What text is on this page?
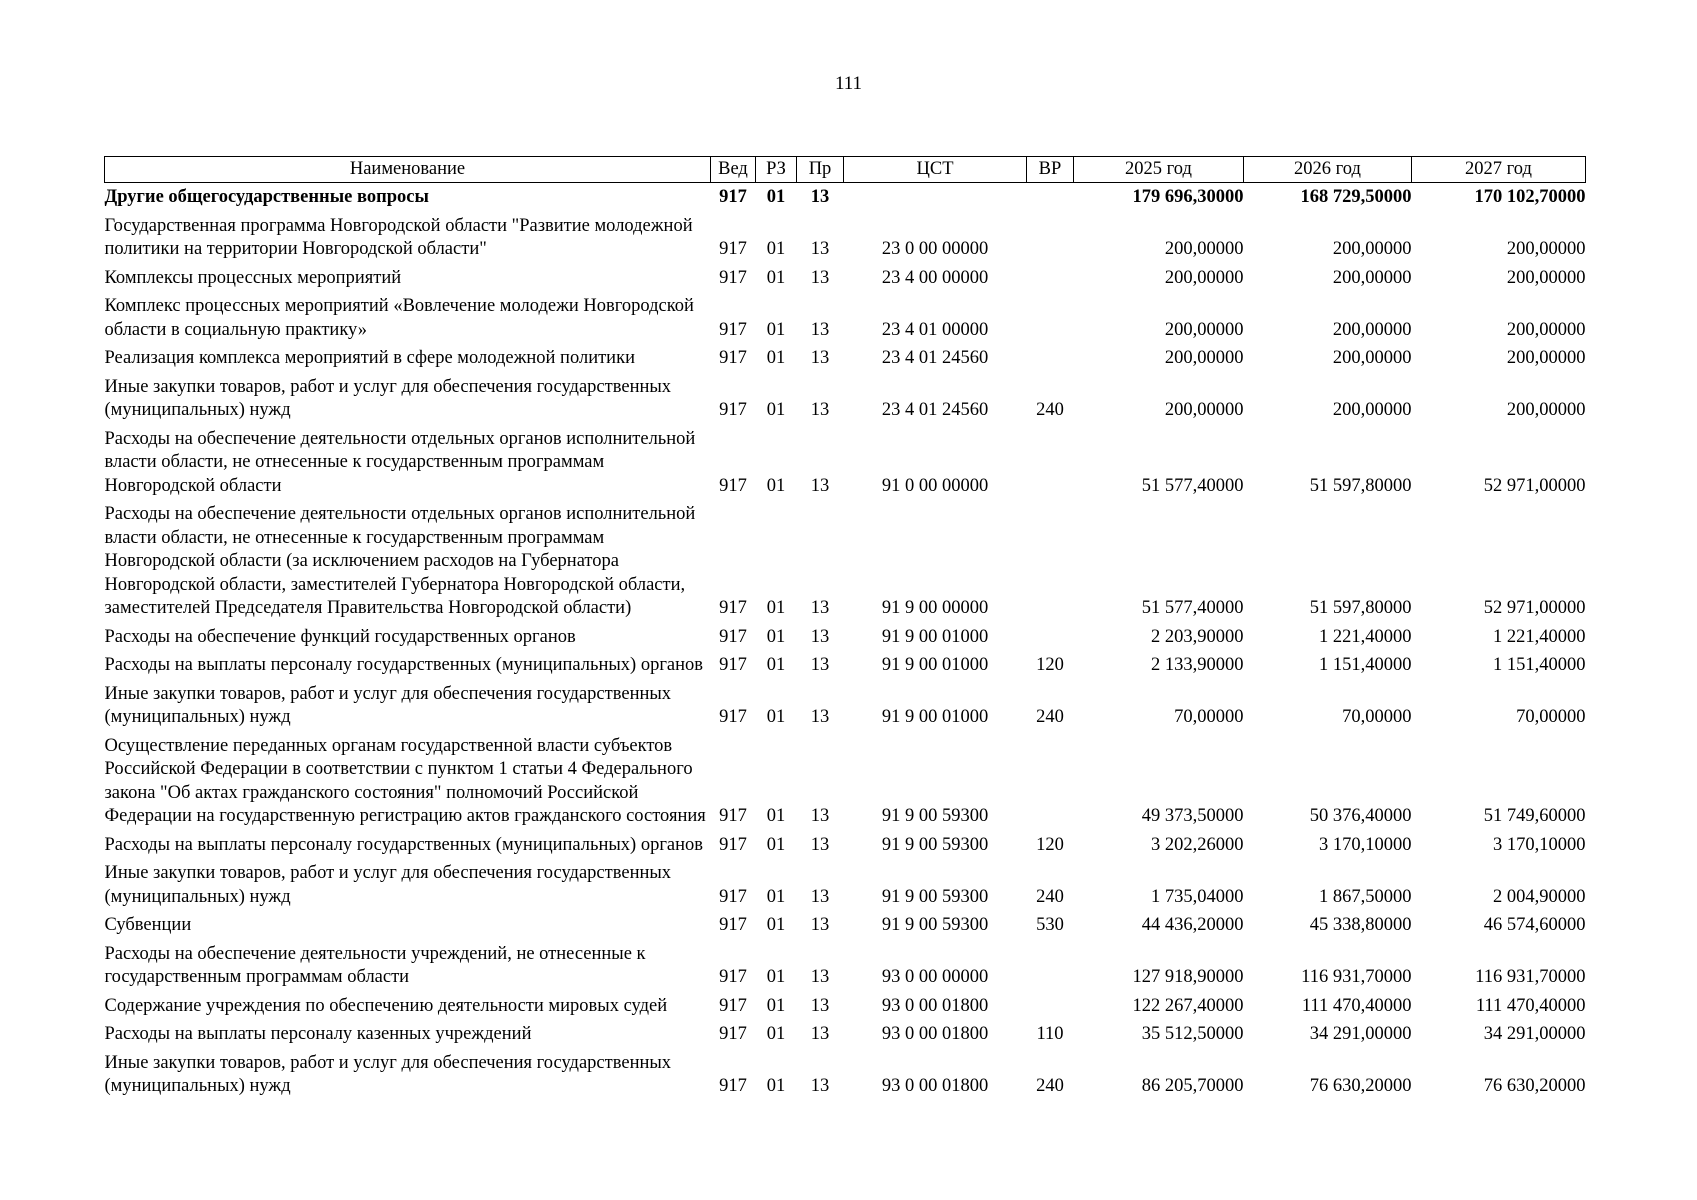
111
Наименование	Вед	РЗ	Пр	ЦСТ	ВР	2025 год	2026 год	2027 год
Другие общегосударственные вопросы	917	01	13			179 696,30000	168 729,50000	170 102,70000
Государственная программа Новгородской области "Развитие молодежной политики на территории Новгородской области"	917	01	13	23 0 00 00000		200,00000	200,00000	200,00000
Комплексы процессных мероприятий	917	01	13	23 4 00 00000		200,00000	200,00000	200,00000
Комплекс процессных мероприятий «Вовлечение молодежи Новгородской области в социальную практику»	917	01	13	23 4 01 00000		200,00000	200,00000	200,00000
Реализация комплекса мероприятий в сфере молодежной политики	917	01	13	23 4 01 24560		200,00000	200,00000	200,00000
Иные закупки товаров, работ и услуг для обеспечения государственных (муниципальных) нужд	917	01	13	23 4 01 24560	240	200,00000	200,00000	200,00000
Расходы на обеспечение деятельности отдельных органов исполнительной власти области, не отнесенные к государственным программам Новгородской области	917	01	13	91 0 00 00000		51 577,40000	51 597,80000	52 971,00000
Расходы на обеспечение деятельности отдельных органов исполнительной власти области, не отнесенные к государственным программам Новгородской области (за исключением расходов на Губернатора Новгородской области, заместителей Губернатора Новгородской области, заместителей Председателя Правительства Новгородской области)	917	01	13	91 9 00 00000		51 577,40000	51 597,80000	52 971,00000
Расходы на обеспечение функций государственных органов	917	01	13	91 9 00 01000		2 203,90000	1 221,40000	1 221,40000
Расходы на выплаты персоналу государственных (муниципальных) органов	917	01	13	91 9 00 01000	120	2 133,90000	1 151,40000	1 151,40000
Иные закупки товаров, работ и услуг для обеспечения государственных (муниципальных) нужд	917	01	13	91 9 00 01000	240	70,00000	70,00000	70,00000
Осуществление переданных органам государственной власти субъектов Российской Федерации в соответствии с пунктом 1 статьи 4 Федерального закона "Об актах гражданского состояния" полномочий Российской Федерации на государственную регистрацию актов гражданского состояния	917	01	13	91 9 00 59300		49 373,50000	50 376,40000	51 749,60000
Расходы на выплаты персоналу государственных (муниципальных) органов	917	01	13	91 9 00 59300	120	3 202,26000	3 170,10000	3 170,10000
Иные закупки товаров, работ и услуг для обеспечения государственных (муниципальных) нужд	917	01	13	91 9 00 59300	240	1 735,04000	1 867,50000	2 004,90000
Субвенции	917	01	13	91 9 00 59300	530	44 436,20000	45 338,80000	46 574,60000
Расходы на обеспечение деятельности учреждений, не отнесенные к государственным программам области	917	01	13	93 0 00 00000		127 918,90000	116 931,70000	116 931,70000
Содержание учреждения по обеспечению деятельности мировых судей	917	01	13	93 0 00 01800		122 267,40000	111 470,40000	111 470,40000
Расходы на выплаты персоналу казенных учреждений	917	01	13	93 0 00 01800	110	35 512,50000	34 291,00000	34 291,00000
Иные закупки товаров, работ и услуг для обеспечения государственных (муниципальных) нужд	917	01	13	93 0 00 01800	240	86 205,70000	76 630,20000	76 630,20000
